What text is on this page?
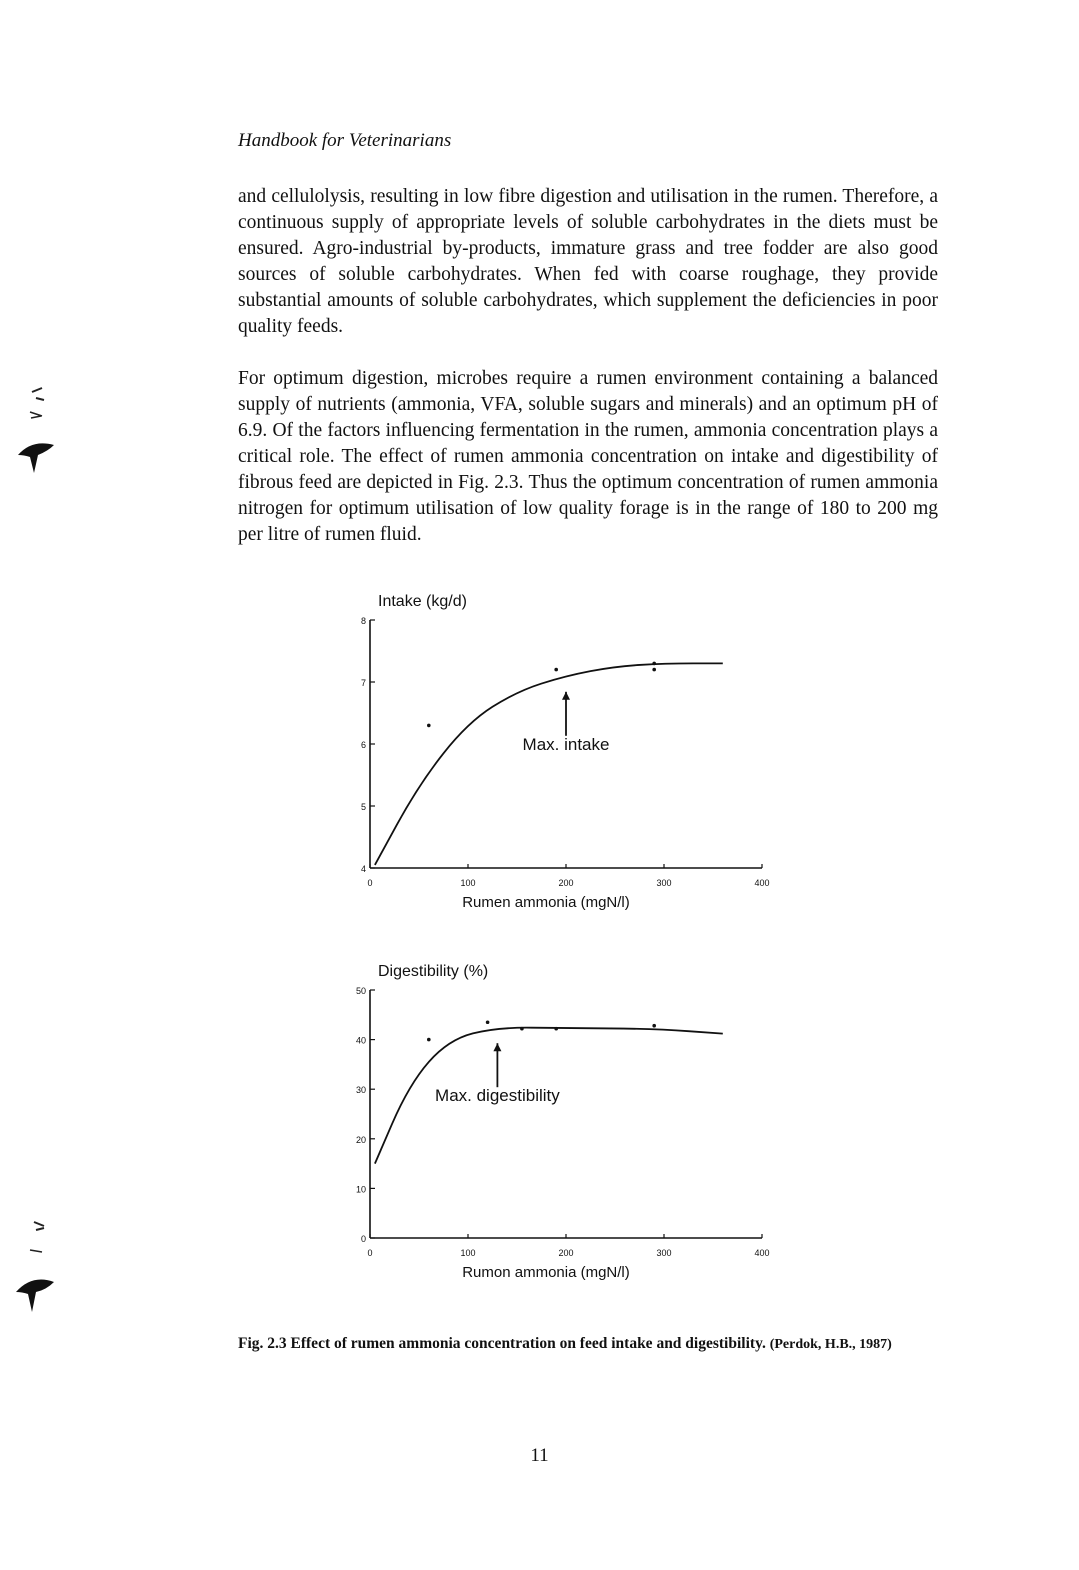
Handbook for Veterinarians

and cellulolysis, resulting in low fibre digestion and utilisation in the rumen. Therefore, a continuous supply of appropriate levels of soluble carbohydrates in the diets must be ensured. Agro-industrial by-products, immature grass and tree fodder are also good sources of soluble carbohydrates. When fed with coarse roughage, they provide substantial amounts of soluble carbohydrates, which supplement the deficiencies in poor quality feeds.

For optimum digestion, microbes require a rumen environment containing a balanced supply of nutrients (ammonia, VFA, soluble sugars and minerals) and an optimum pH of 6.9. Of the factors influencing fermentation in the rumen, ammonia concentration plays a critical role. The effect of rumen ammonia concentration on intake and digestibility of fibrous feed are depicted in Fig. 2.3. Thus the optimum concentration of rumen ammonia nitrogen for optimum utilisation of low quality forage is in the range of 180 to 200 mg per litre of rumen fluid.

Intake (kg/d)
4
5
6
7
8
0	100	200	300	400
Rumen ammonia (mgN/l)
Max. intake
Digestibility (%)
0
10
20
30
40
50
0	100	200	300	400
Rumon ammonia (mgN/l)
Max. digestibility
Fig. 2.3 Effect of rumen ammonia concentration on feed intake and digestibility. (Perdok, H.B., 1987)
11
